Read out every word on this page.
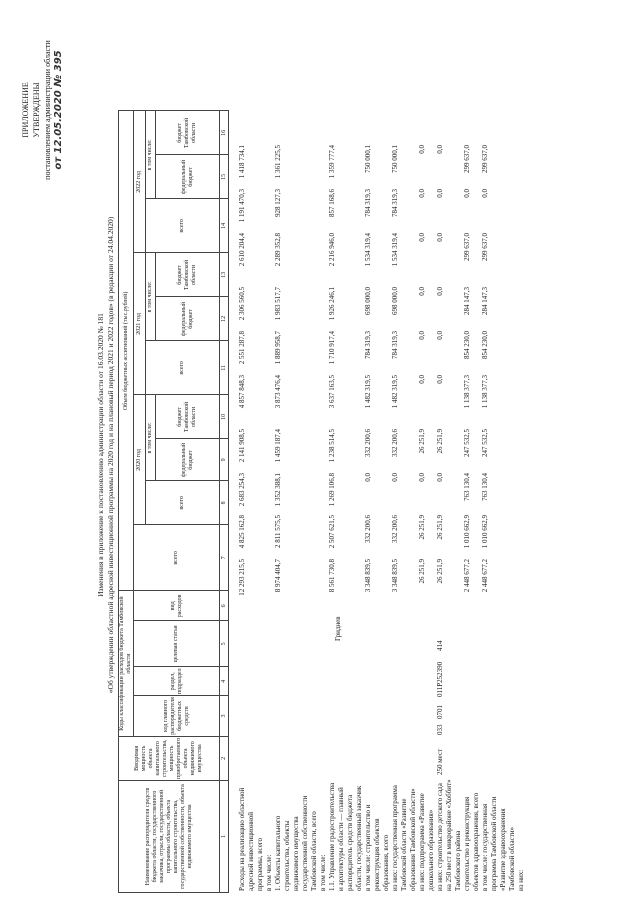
ПРИЛОЖЕНИЕ УТВЕРЖДЕНЫ постановлением администрации области от 12.05.2020 № 395
Изменения в приложение к постановлению администрации области от 16.03.2020 № 181 «Об утверждении областной адресной инвестиционной программы на 2020 год и на плановый период 2021 и 2022 годов» (в редакции от 24.04.2020)
Наименование распорядителя средств бюджета области, государственного заказчика, отрасли, государственной программы области, объекта капитального строительства, государственной собственности, объекта недвижимого имущества	Вводимая мощность объекта капитального строительства, мощность приобретаемого объекта недвижимого имущества	Коды классификации расходов бюджета Тамбовской области				Объем бюджетных ассигнований (тыс.рублей)									
		код главного распорядителя бюджетных средств	раздел, подраздел	целевая статья	вид расходов	всего	2020 год			2021 год			2022 год		
							всего	в том числе:		всего	в том числе:		всего	в том числе:	
								федеральный бюджет	бюджет Тамбовской области		федеральный бюджет	бюджет Тамбовской области		федеральный бюджет	бюджет Тамбовской области
1	2	3	4	5	6	7	8	9	10	11	12	13	14	15	16
Расходы на реализацию областной адресной инвестиционной программы, всего						12 293 215,5	4 825 162,8	2 683 254,3	2 141 908,5	4 857 848,3	2 551 287,8	2 306 560,5	2 610 204,4	1 191 470,3	1 418 734,1
в том числе:															
1. Объекты капитального строительства, объекты недвижимого имущества государственной собственности Тамбовской области, всего						8 974 404,7	2 811 575,5	1 352 388,1	1 459 187,4	3 873 476,4	1 889 958,7	1 983 517,7	2 289 352,8	928 127,3	1 361 225,5
в том числе:															
1.1. Управление градостроительства и архитектуры области — главный распорядитель средств бюджета области, государственный заказчик						8 561 730,8	2 507 621,5	1 269 106,8	1 238 514,5	3 637 163,5	1 710 917,4	1 926 246,1	2 216 946,0	857 168,6	1 359 777,4
в том числе: строительство и реконструкция объектов образования, всего						3 348 839,5	332 200,6	0,0	332 200,6	1 482 319,5	784 319,3	698 000,0	1 534 319,4	784 319,3	750 000,1
из них: государственная программа Тамбовской области «Развитие образования Тамбовской области»						3 348 839,5	332 200,6	0,0	332 200,6	1 482 319,5	784 319,3	698 000,0	1 534 319,4	784 319,3	750 000,1
из них: подпрограмма «Развитие дошкольного образования»						26 251,9	26 251,9	0,0	26 251,9	0,0	0,0	0,0	0,0	0,0	0,0
из них: строительство детского сада на 250 мест в микрорайоне «Хоббит» Тамбовского района	250 мест	033	0701	011P252390	414	26 251,9	26 251,9	0,0	26 251,9	0,0	0,0	0,0	0,0	0,0	0,0
строительство и реконструкция объектов здравоохранения, всего						2 448 677,2	1 010 662,9	763 130,4	247 532,5	1 138 377,3	854 230,0	284 147,3	299 637,0	0,0	299 637,0
в том числе: государственная программа Тамбовской области «Развитие здравоохранения Тамбовской области»						2 448 677,2	1 010 662,9	763 130,4	247 532,5	1 138 377,3	854 230,0	284 147,3	299 637,0	0,0	299 637,0
из них:															
Гриднев
